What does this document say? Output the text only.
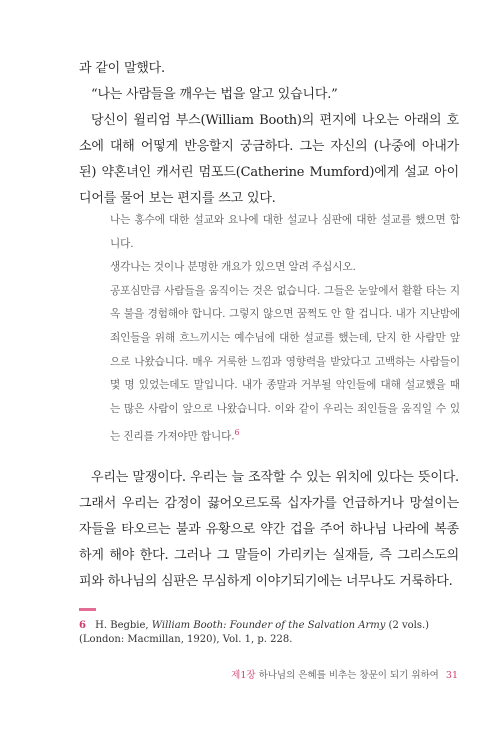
과 같이 말했다.

“나는 사람들을 깨우는 법을 알고 있습니다.”

당신이 윌리엄 부스(William Booth)의 편지에 나오는 아래의 호소에 대해 어떻게 반응할지 궁금하다. 그는 자신의 (나중에 아내가 된) 약혼녀인 캐서린 멈포드(Catherine Mumford)에게 설교 아이디어를 물어 보는 편지를 쓰고 있다.

나는 홍수에 대한 설교와 요나에 대한 설교나 심판에 대한 설교를 했으면 합니다.

생각나는 것이나 분명한 개요가 있으면 알려 주십시오.

공포심만큼 사람들을 움직이는 것은 없습니다. 그들은 눈앞에서 활활 타는 지옥 불을 경험해야 합니다. 그렇지 않으면 꿈쩍도 안 할 겁니다. 내가 지난밤에 죄인들을 위해 흐느끼시는 예수님에 대한 설교를 했는데, 단지 한 사람만 앞으로 나왔습니다. 매우 거룩한 느낌과 영향력을 받았다고 고백하는 사람들이 몇 명 있었는데도 말입니다. 내가 종말과 거부될 악인들에 대해 설교했을 때는 많은 사람이 앞으로 나왔습니다. 이와 같이 우리는 죄인들을 움직일 수 있는 진리를 가져야만 합니다.$^6$

우리는 말쟁이다. 우리는 늘 조작할 수 있는 위치에 있다는 뜻이다. 그래서 우리는 감정이 끓어오르도록 십자가를 언급하거나 망설이는 자들을 타오르는 불과 유황으로 약간 겁을 주어 하나님 나라에 복종하게 해야 한다. 그러나 그 말들이 가리키는 실재들, 즉 그리스도의 피와 하나님의 심판은 무심하게 이야기되기에는 너무나도 거룩하다.

6 H. Begbie, William Booth: Founder of the Salvation Army (2 vols.) (London: Macmillan, 1920), Vol. 1, p. 228.
제1장 하나님의 은혜를 비추는 창문이 되기 위하여 31
